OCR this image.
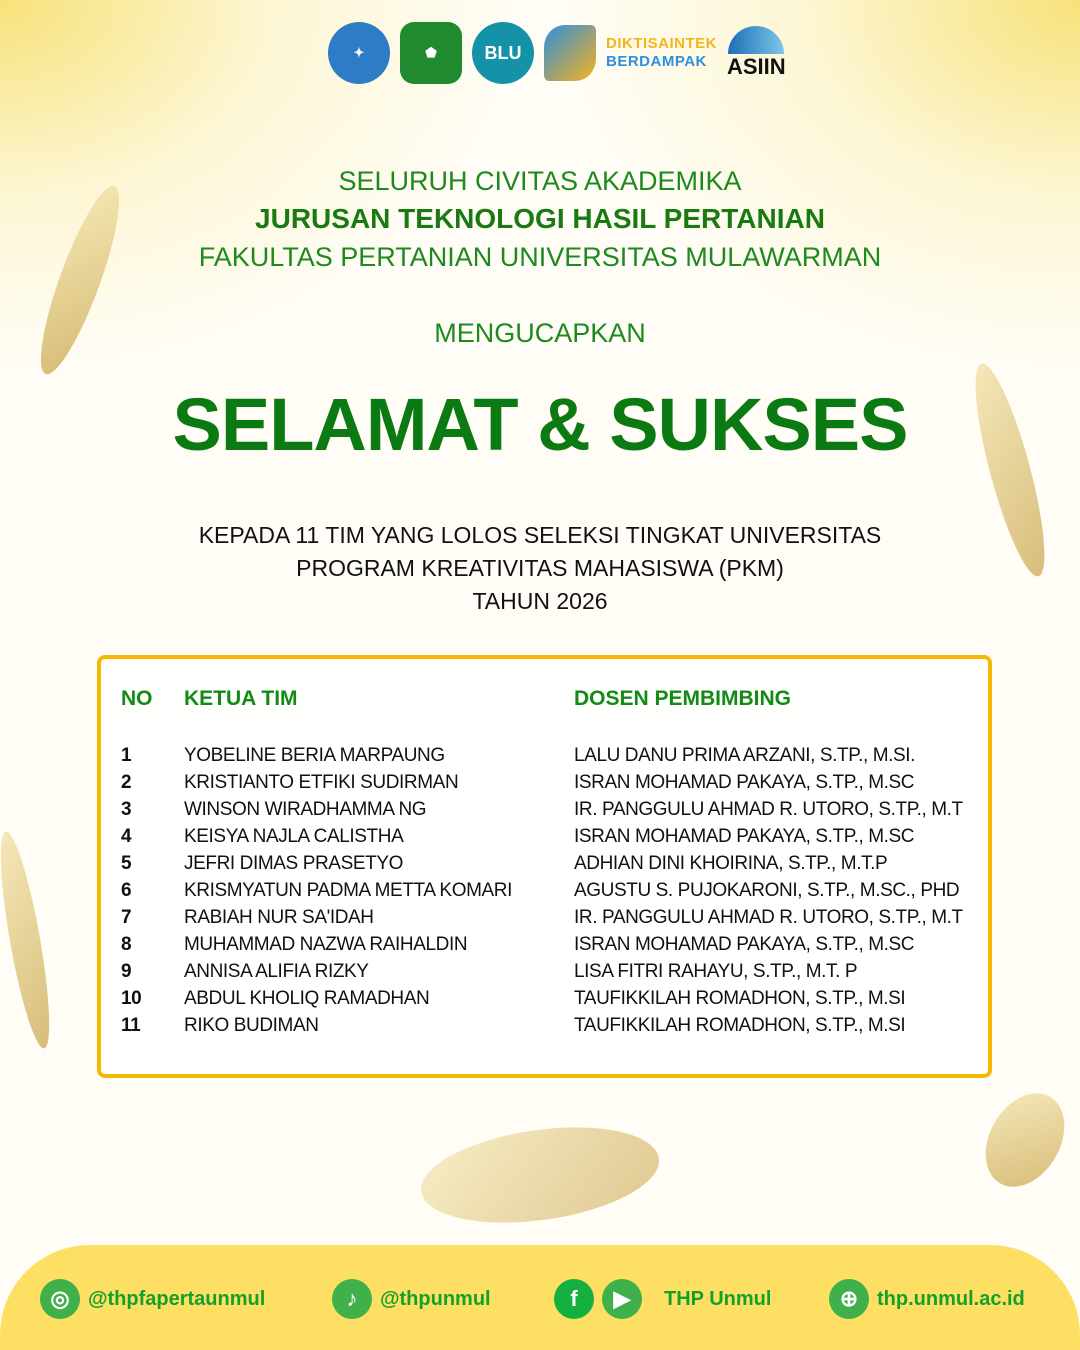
✦	⬟	BLU	DIKTISAINTEK
BERDAMPAK ASIIN
SELURUH CIVITAS AKADEMIKA
JURUSAN TEKNOLOGI HASIL PERTANIAN
FAKULTAS PERTANIAN UNIVERSITAS MULAWARMAN
MENGUCAPKAN
SELAMAT & SUKSES
KEPADA 11 TIM YANG LOLOS SELEKSI TINGKAT UNIVERSITAS
PROGRAM KREATIVITAS MAHASISWA (PKM)
TAHUN 2026
NO KETUA TIM	DOSEN PEMBIMBING
1	YOBELINE BERIA MARPAUNG	LALU DANU PRIMA ARZANI, S.TP., M.SI.
2	KRISTIANTO ETFIKI SUDIRMAN	ISRAN MOHAMAD PAKAYA, S.TP., M.SC
3	WINSON WIRADHAMMA NG	IR. PANGGULU AHMAD R. UTORO, S.TP., M.T
4	KEISYA NAJLA CALISTHA	ISRAN MOHAMAD PAKAYA, S.TP., M.SC
5	JEFRI DIMAS PRASETYO	ADHIAN DINI KHOIRINA, S.TP., M.T.P
6	KRISMYATUN PADMA METTA KOMARI	AGUSTU S. PUJOKARONI, S.TP., M.SC., PHD
7	RABIAH NUR SA'IDAH	IR. PANGGULU AHMAD R. UTORO, S.TP., M.T
8	MUHAMMAD NAZWA RAIHALDIN	ISRAN MOHAMAD PAKAYA, S.TP., M.SC
9	ANNISA ALIFIA RIZKY	LISA FITRI RAHAYU, S.TP., M.T. P
10 ABDUL KHOLIQ RAMADHAN	TAUFIKKILAH ROMADHON, S.TP., M.SI
11 RIKO BUDIMAN	TAUFIKKILAH ROMADHON, S.TP., M.SI
◎ @thpfapertaunmul	♪	@thpunmul	f	▶	THP Unmul	⊕ thp.unmul.ac.id
